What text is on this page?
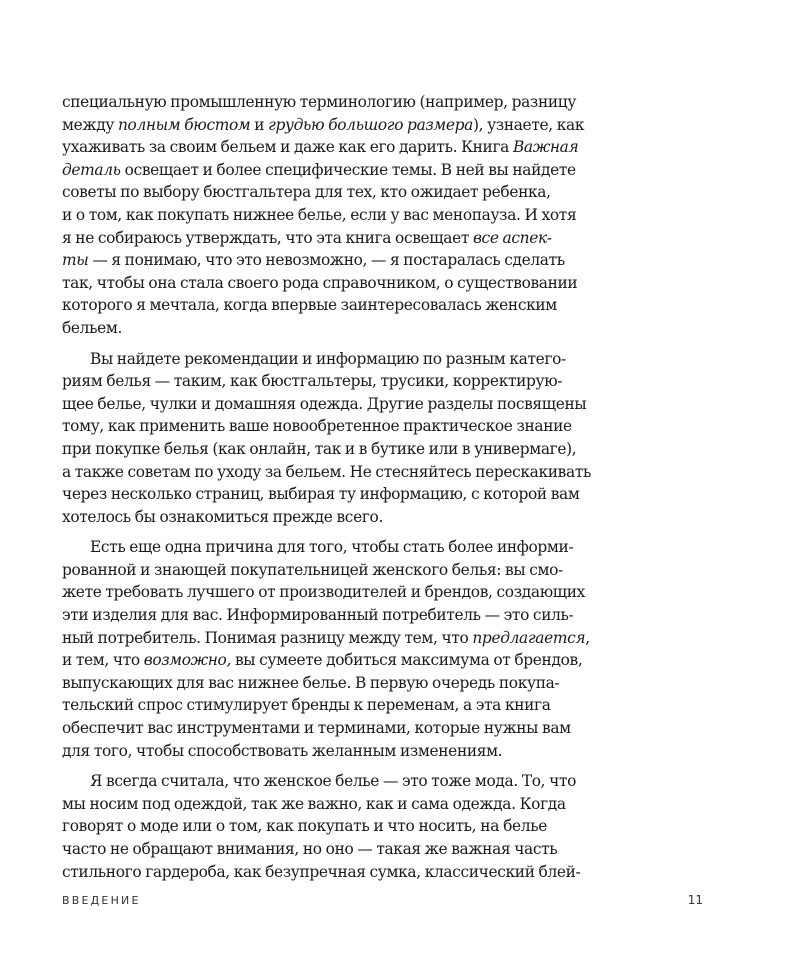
специальную промышленную терминологию (например, разницу
между полным бюстом и грудью большого размера), узнаете, как
ухаживать за своим бельем и даже как его дарить. Книга Важная
деталь освещает и более специфические темы. В ней вы найдете
советы по выбору бюстгальтера для тех, кто ожидает ребенка,
и о том, как покупать нижнее белье, если у вас менопауза. И хотя
я не собираюсь утверждать, что эта книга освещает все аспек-
ты — я понимаю, что это невозможно, — я постаралась сделать
так, чтобы она стала своего рода справочником, о существовании
которого я мечтала, когда впервые заинтересовалась женским
бельем.
Вы найдете рекомендации и информацию по разным катего-
риям белья — таким, как бюстгальтеры, трусики, корректирую-
щее белье, чулки и домашняя одежда. Другие разделы посвящены
тому, как применить ваше новообретенное практическое знание
при покупке белья (как онлайн, так и в бутике или в универмаге),
а также советам по уходу за бельем. Не стесняйтесь перескакивать
через несколько страниц, выбирая ту информацию, с которой вам
хотелось бы ознакомиться прежде всего.
Есть еще одна причина для того, чтобы стать более информи-
рованной и знающей покупательницей женского белья: вы смо-
жете требовать лучшего от производителей и брендов, создающих
эти изделия для вас. Информированный потребитель — это силь-
ный потребитель. Понимая разницу между тем, что предлагается,
и тем, что возможно, вы сумеете добиться максимума от брендов,
выпускающих для вас нижнее белье. В первую очередь покупа-
тельский спрос стимулирует бренды к переменам, а эта книга
обеспечит вас инструментами и терминами, которые нужны вам
для того, чтобы способствовать желанным изменениям.
Я всегда считала, что женское белье — это тоже мода. То, что
мы носим под одеждой, так же важно, как и сама одежда. Когда
говорят о моде или о том, как покупать и что носить, на белье
часто не обращают внимания, но оно — такая же важная часть
стильного гардероба, как безупречная сумка, классический блей-
ВВЕДЕНИЕ	11
